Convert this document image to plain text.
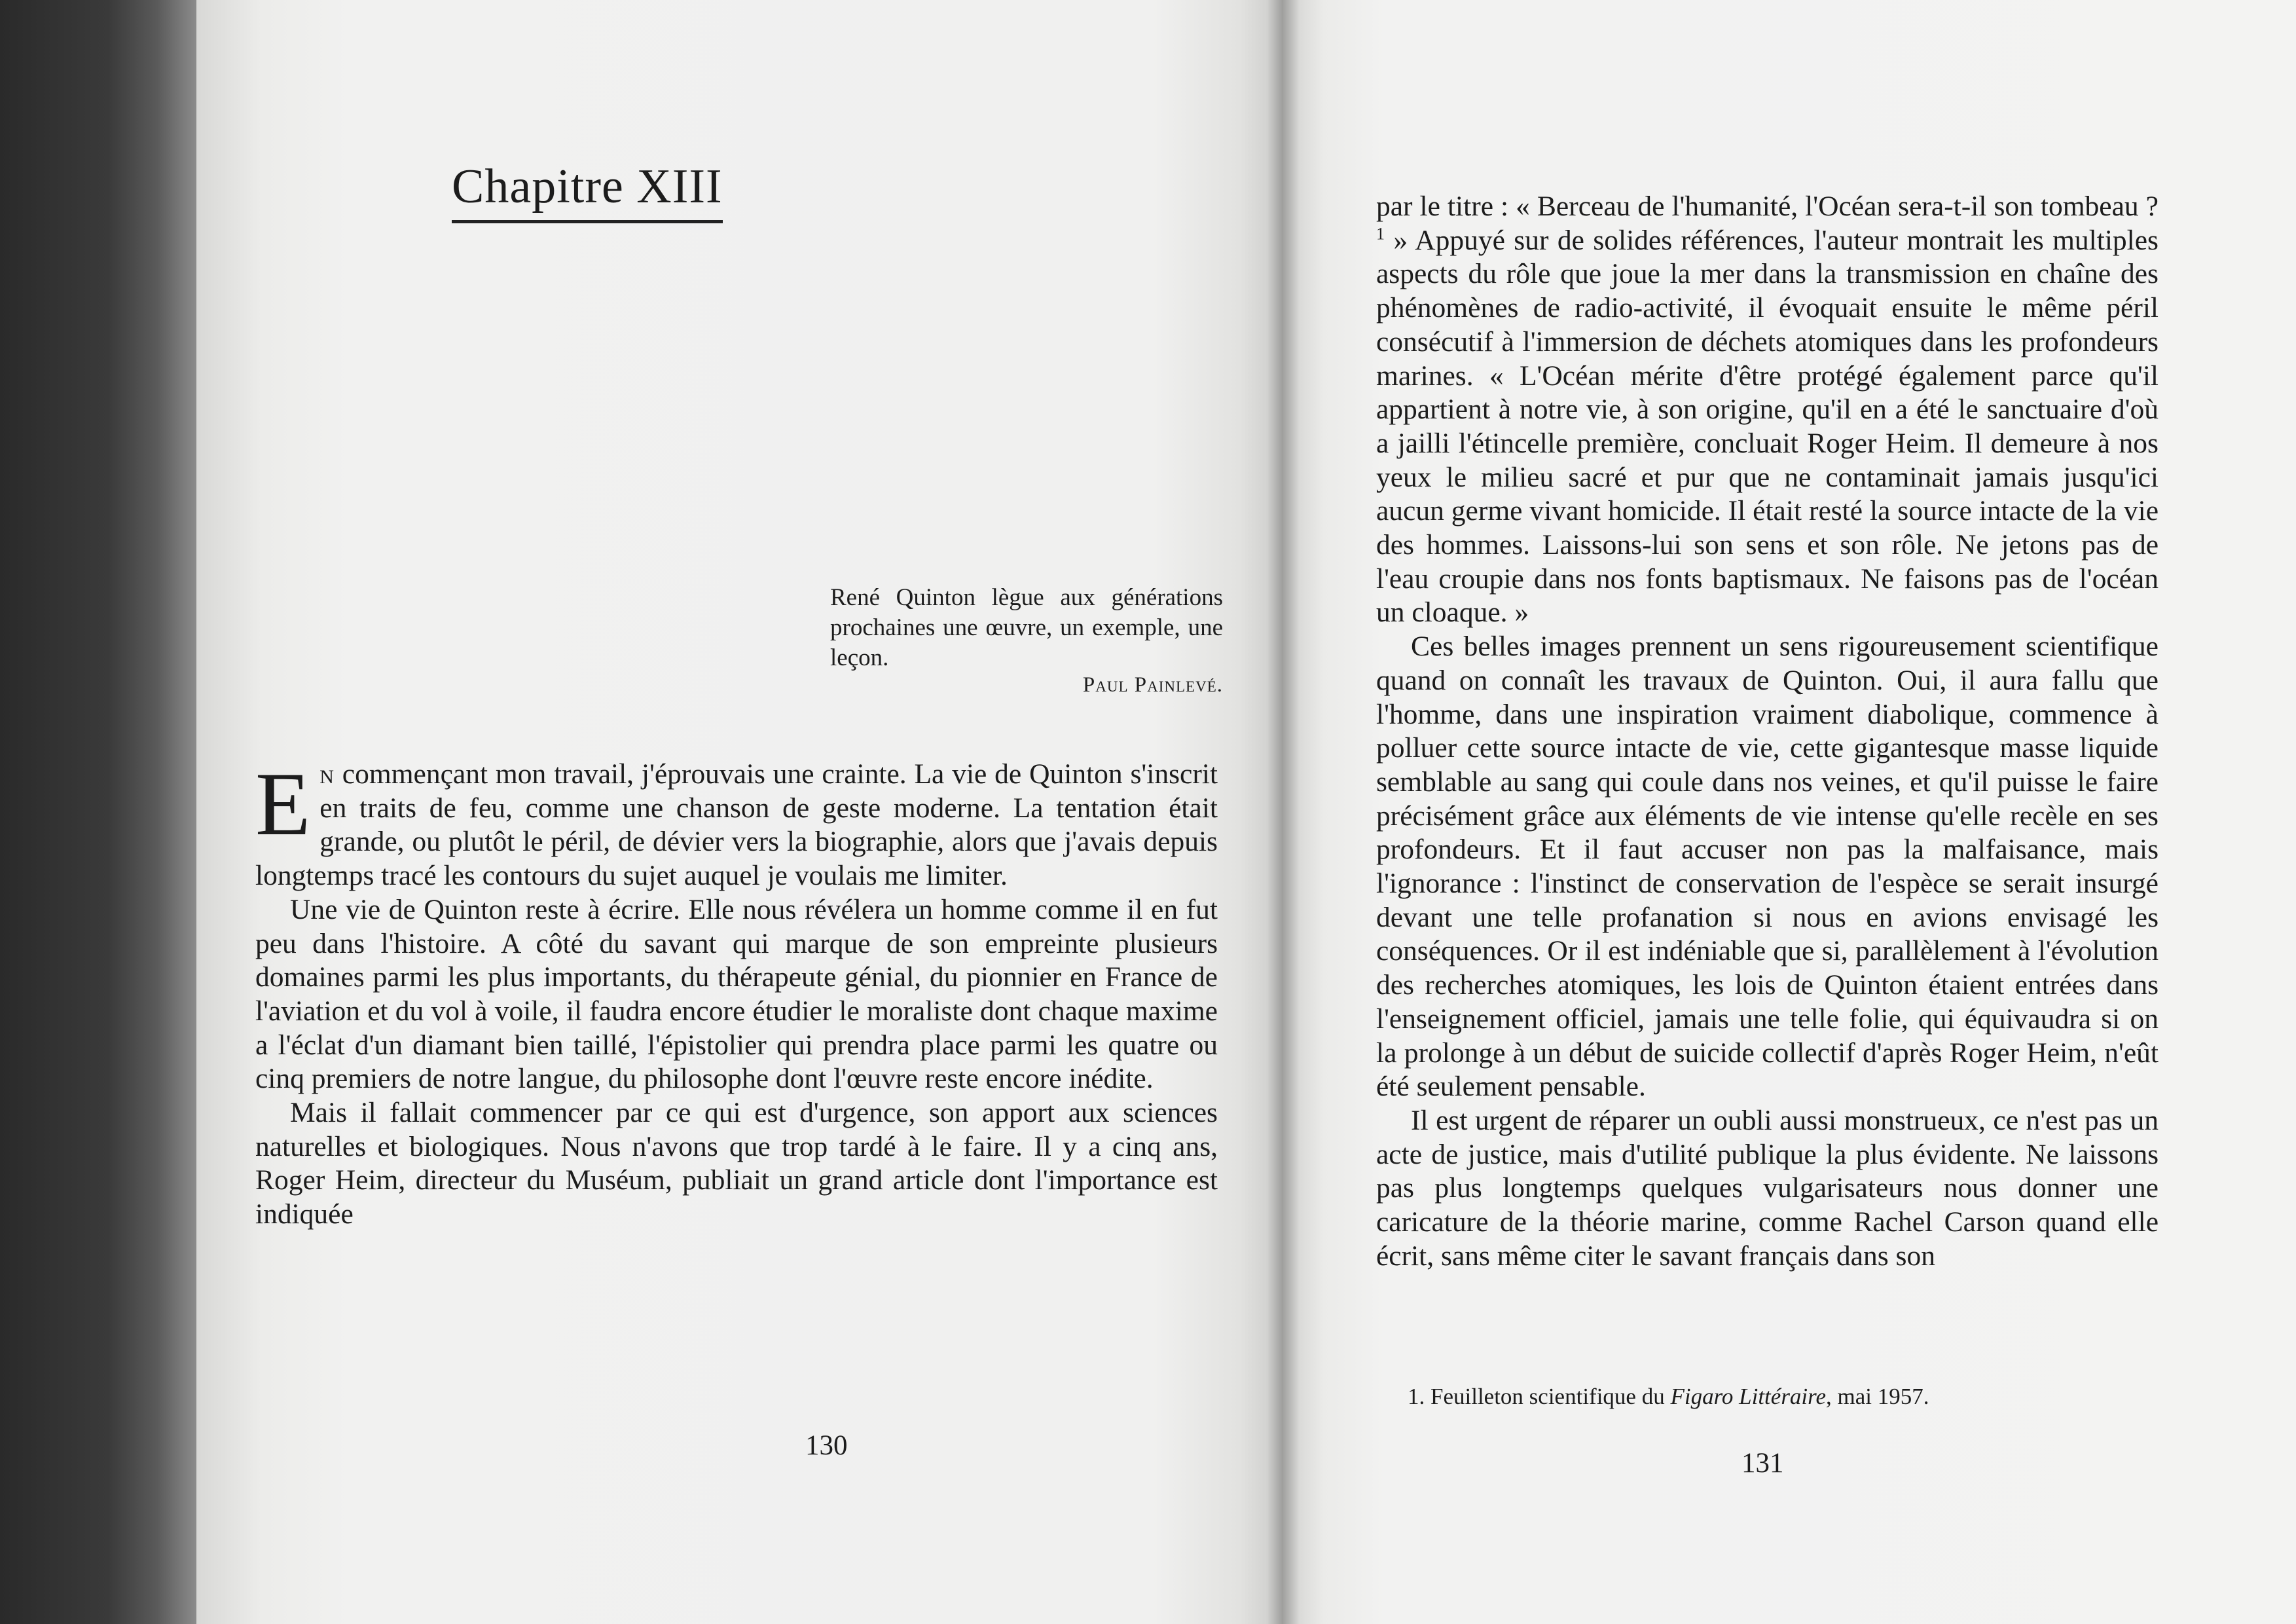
Chapitre XIII
René Quinton lègue aux générations prochaines une œuvre, un exemple, une leçon.
Paul Painlevé.

En commençant mon travail, j'éprouvais une crainte. La vie de Quinton s'inscrit en traits de feu, comme une chanson de geste moderne. La tentation était grande, ou plutôt le péril, de dévier vers la biographie, alors que j'avais depuis longtemps tracé les contours du sujet auquel je voulais me limiter.

Une vie de Quinton reste à écrire. Elle nous révélera un homme comme il en fut peu dans l'histoire. A côté du savant qui marque de son empreinte plusieurs domaines parmi les plus importants, du thérapeute génial, du pionnier en France de l'aviation et du vol à voile, il faudra encore étudier le moraliste dont chaque maxime a l'éclat d'un diamant bien taillé, l'épistolier qui prendra place parmi les quatre ou cinq premiers de notre langue, du philosophe dont l'œuvre reste encore inédite.

Mais il fallait commencer par ce qui est d'urgence, son apport aux sciences naturelles et biologiques. Nous n'avons que trop tardé à le faire. Il y a cinq ans, Roger Heim, directeur du Muséum, publiait un grand article dont l'importance est indiquée

130

par le titre : « Berceau de l'humanité, l'Océan sera-t-il son tombeau ?$^1$ » Appuyé sur de solides références, l'auteur montrait les multiples aspects du rôle que joue la mer dans la transmission en chaîne des phénomènes de radio-activité, il évoquait ensuite le même péril consécutif à l'immersion de déchets atomiques dans les profondeurs marines. « L'Océan mérite d'être protégé également parce qu'il appartient à notre vie, à son origine, qu'il en a été le sanctuaire d'où a jailli l'étincelle première, concluait Roger Heim. Il demeure à nos yeux le milieu sacré et pur que ne contaminait jamais jusqu'ici aucun germe vivant homicide. Il était resté la source intacte de la vie des hommes. Laissons-lui son sens et son rôle. Ne jetons pas de l'eau croupie dans nos fonts baptismaux. Ne faisons pas de l'océan un cloaque. »

Ces belles images prennent un sens rigoureusement scientifique quand on connaît les travaux de Quinton. Oui, il aura fallu que l'homme, dans une inspiration vraiment diabolique, commence à polluer cette source intacte de vie, cette gigantesque masse liquide semblable au sang qui coule dans nos veines, et qu'il puisse le faire précisément grâce aux éléments de vie intense qu'elle recèle en ses profondeurs. Et il faut accuser non pas la malfaisance, mais l'ignorance : l'instinct de conservation de l'espèce se serait insurgé devant une telle profanation si nous en avions envisagé les conséquences. Or il est indéniable que si, parallèlement à l'évolution des recherches atomiques, les lois de Quinton étaient entrées dans l'enseignement officiel, jamais une telle folie, qui équivaudra si on la prolonge à un début de suicide collectif d'après Roger Heim, n'eût été seulement pensable.

Il est urgent de réparer un oubli aussi monstrueux, ce n'est pas un acte de justice, mais d'utilité publique la plus évidente. Ne laissons pas plus longtemps quelques vulgarisateurs nous donner une caricature de la théorie marine, comme Rachel Carson quand elle écrit, sans même citer le savant français dans son

1. Feuilleton scientifique du Figaro Littéraire, mai 1957.
131
